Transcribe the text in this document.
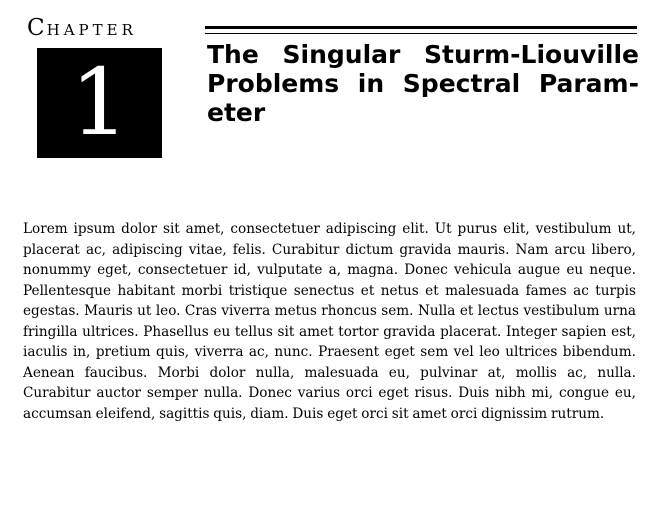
CHAPTER
1	The Singular Sturm-Liouville Problems in Spectral Parameter
Lorem ipsum dolor sit amet, consectetuer adipiscing elit. Ut purus elit, vestibulum ut, placerat ac, adipiscing vitae, felis. Curabitur dictum gravida mauris. Nam arcu libero, nonummy eget, consectetuer id, vulputate a, magna. Donec vehicula augue eu neque. Pellentesque habitant morbi tristique senectus et netus et malesuada fames ac turpis egestas. Mauris ut leo. Cras viverra metus rhoncus sem. Nulla et lectus vestibulum urna fringilla ultrices. Phasellus eu tellus sit amet tortor gravida placerat. Integer sapien est, iaculis in, pretium quis, viverra ac, nunc. Praesent eget sem vel leo ultrices bibendum. Aenean faucibus. Morbi dolor nulla, malesuada eu, pulvinar at, mollis ac, nulla. Curabitur auctor semper nulla. Donec varius orci eget risus. Duis nibh mi, congue eu, accumsan eleifend, sagittis quis, diam. Duis eget orci sit amet orci dignissim rutrum.
